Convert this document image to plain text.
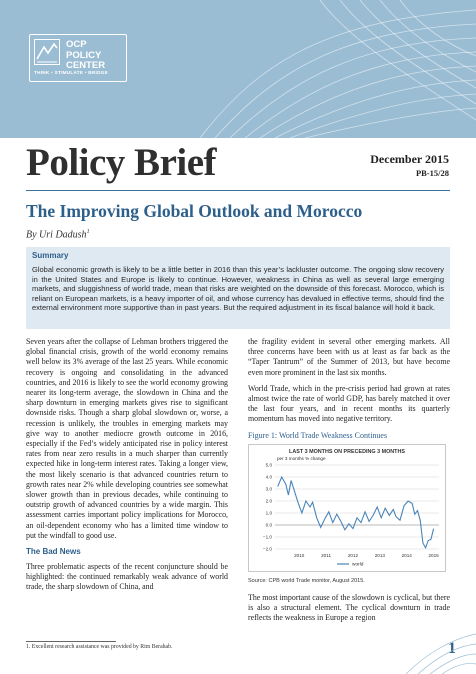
OCP
POLICY
CENTER
THINK • STIMULATE • BRIDGE
Policy Brief	December 2015
PB-15/28
The Improving Global Outlook and Morocco
By Uri Dadush$^1$
Summary

Global economic growth is likely to be a little better in 2016 than this year’s lackluster outcome. The ongoing slow recovery in the United States and Europe is likely to continue. However, weakness in China as well as several large emerging markets, and sluggishness of world trade, mean that risks are weighted on the downside of this forecast. Morocco, which is reliant on European markets, is a heavy importer of oil, and whose currency has devalued in effective terms, should find the external environment more supportive than in past years. But the required adjustment in its fiscal balance will hold it back.

Seven years after the collapse of Lehman brothers triggered the global financial crisis, growth of the world economy remains well below its 3% average of the last 25 years. While economic recovery is ongoing and consolidating in the advanced countries, and 2016 is likely to see the world economy growing nearer its long-term average, the slowdown in China and the sharp downturn in emerging markets gives rise to significant downside risks. Though a sharp global slowdown or, worse, a recession is unlikely, the troubles in emerging markets may give way to another mediocre growth outcome in 2016, especially if the Fed’s widely anticipated rise in policy interest rates from near zero results in a much sharper than currently expected hike in long-term interest rates. Taking a longer view, the most likely scenario is that advanced countries return to growth rates near 2% while developing countries see somewhat slower growth than in previous decades, while continuing to outstrip growth of advanced countries by a wide margin. This assessment carries important policy implications for Morocco, an oil-dependent economy who has a limited time window to put the windfall to good use.

The Bad News

Three problematic aspects of the recent conjuncture should be highlighted: the continued remarkably weak advance of world trade, the sharp slowdown of China, and

the fragility evident in several other emerging markets. All three concerns have been with us at least as far back as the “Taper Tantrum” of the Summer of 2013, but have become even more prominent in the last six months.

World Trade, which in the pre-crisis period had grown at rates almost twice the rate of world GDP, has barely matched it over the last four years, and in recent months its quarterly momentum has moved into negative territory.

Figure 1: World Trade Weakness Continues
LAST 3 MONTHS ON PRECEDING 3 MONTHS
per 3 months % change
5.0
4.0
3.0
2.0
1.0
0.0
−1.0
−2.0
2010	2011	2012	2013	2014	2015
world
Source: CPB world Trade monitor, August 2015.

The most important cause of the slowdown is cyclical, but there is also a structural element. The cyclical downturn in trade reflects the weakness in Europe a region

1. Excellent research assistance was provided by Rim Berahab.	1
